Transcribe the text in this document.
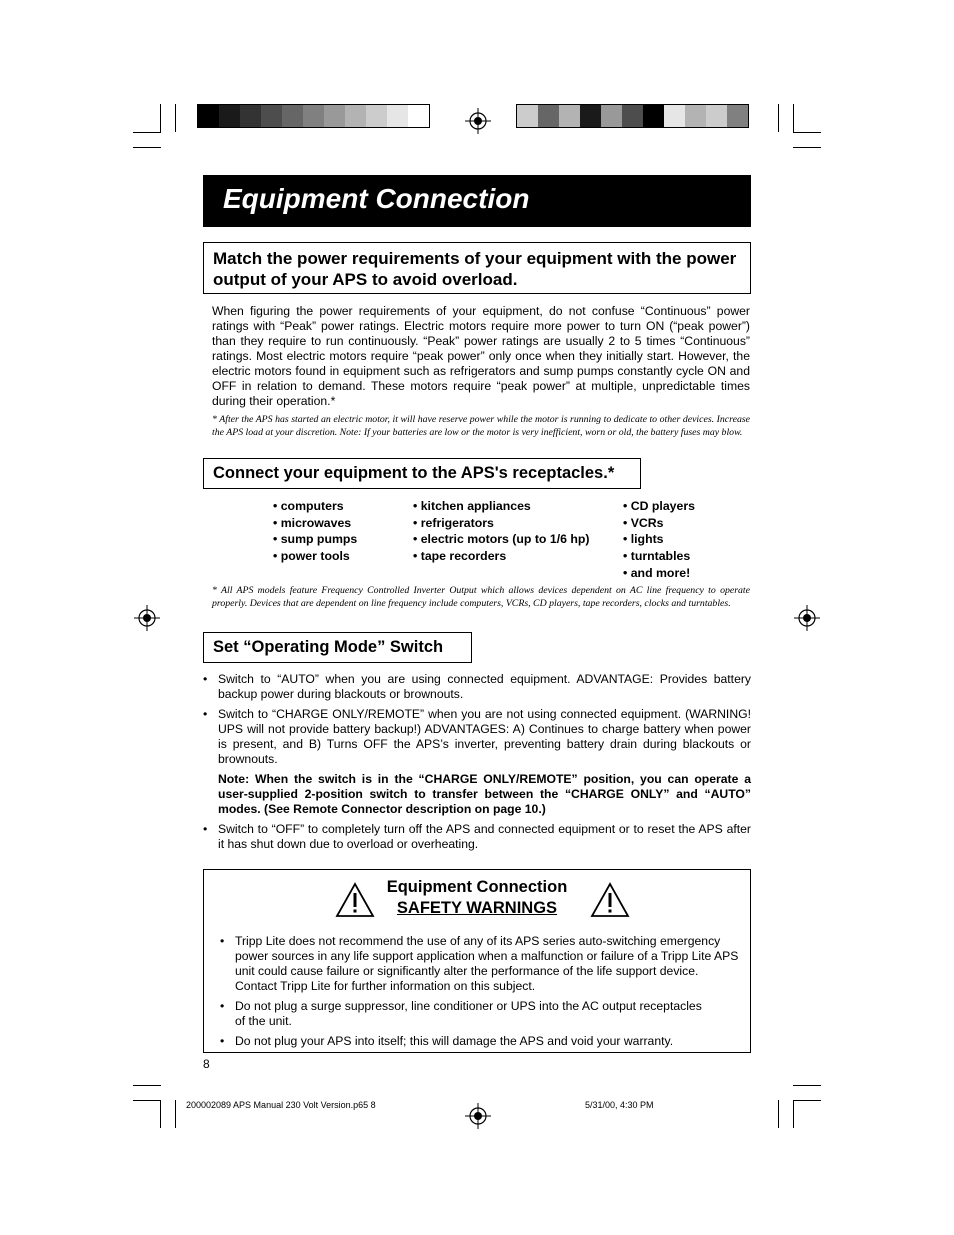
Equipment Connection
Match the power requirements of your equipment with the power output of your APS to avoid overload.
When figuring the power requirements of your equipment, do not confuse “Continuous” power ratings with “Peak” power ratings. Electric motors require more power to turn ON (“peak power”) than they require to run continuously. “Peak” power ratings are usually 2 to 5 times “Continuous” ratings. Most electric motors require “peak power” only once when they initially start. However, the electric motors found in equipment such as refrigerators and sump pumps constantly cycle ON and OFF in relation to demand. These motors require “peak power” at multiple, unpredictable times during their operation.*
* After the APS has started an electric motor, it will have reserve power while the motor is running to dedicate to other devices. Increase the APS load at your discretion. Note: If your batteries are low or the motor is very inefficient, worn or old, the battery fuses may blow.
Connect your equipment to the APS's receptacles.*
• computers
• microwaves
• sump pumps
• power tools
• kitchen appliances
• refrigerators
• electric motors (up to 1/6 hp)
• tape recorders
• CD players
• VCRs
• lights
• turntables
• and more!
* All APS models feature Frequency Controlled Inverter Output which allows devices dependent on AC line frequency to operate properly. Devices that are dependent on line frequency include computers, VCRs, CD players, tape recorders, clocks and turntables.
Set “Operating Mode” Switch
• Switch to “AUTO” when you are using connected equipment. ADVANTAGE: Provides battery backup power during blackouts or brownouts.
• Switch to “CHARGE ONLY/REMOTE” when you are not using connected equipment. (WARNING! UPS will not provide battery backup!) ADVANTAGES: A) Continues to charge battery when power is present, and B) Turns OFF the APS’s inverter, preventing battery drain during blackouts or brownouts.
Note: When the switch is in the “CHARGE ONLY/REMOTE” position, you can operate a user-supplied 2-position switch to transfer between the “CHARGE ONLY” and “AUTO” modes. (See Remote Connector description on page 10.)
• Switch to “OFF” to completely turn off the APS and connected equipment or to reset the APS after it has shut down due to overload or overheating.
Equipment Connection
SAFETY WARNINGS
• Tripp Lite does not recommend the use of any of its APS series auto-switching emergency power sources in any life support application when a malfunction or failure of a Tripp Lite APS unit could cause failure or significantly alter the performance of the life support device. Contact Tripp Lite for further information on this subject.
• Do not plug a surge suppressor, line conditioner or UPS into the AC output receptacles of the unit.
• Do not plug your APS into itself; this will damage the APS and void your warranty.
8
200002089 APS Manual 230 Volt Version.p65 8	5/31/00, 4:30 PM
